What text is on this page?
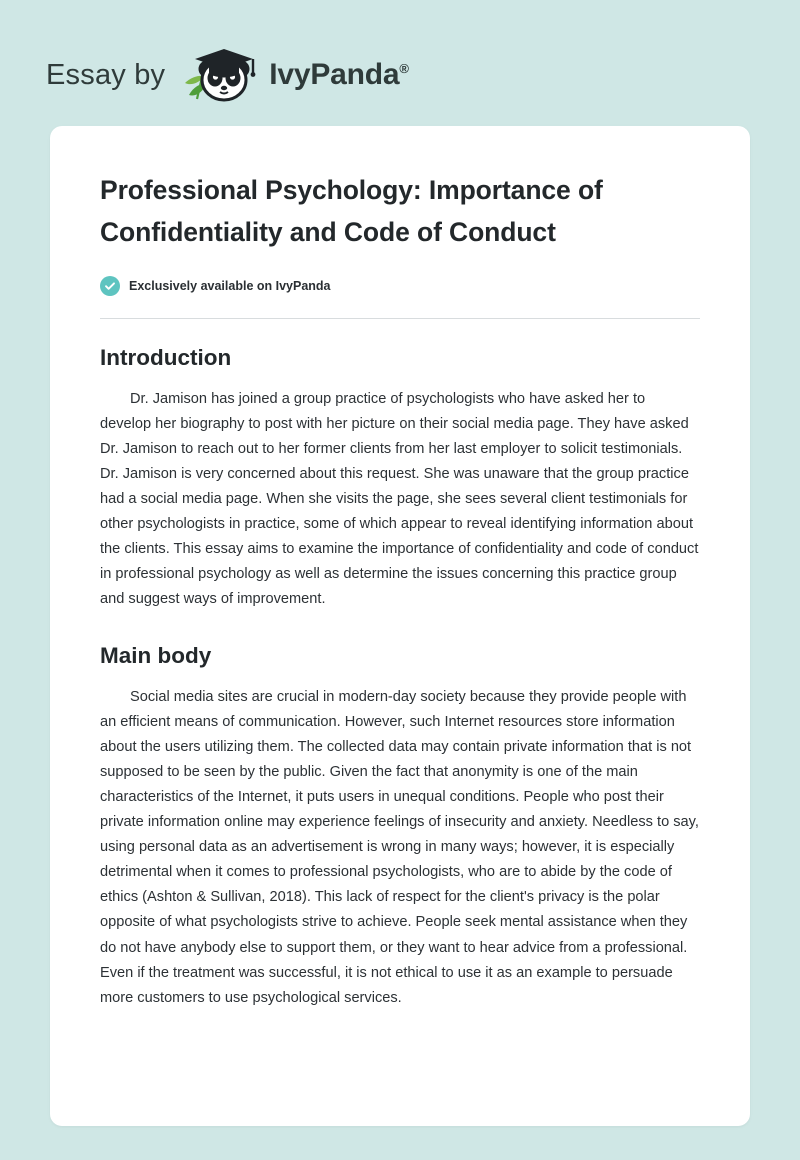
Essay by	IvyPanda®
Professional Psychology: Importance of Confidentiality and Code of Conduct
Exclusively available on IvyPanda
Introduction

Dr. Jamison has joined a group practice of psychologists who have asked her to develop her biography to post with her picture on their social media page. They have asked Dr. Jamison to reach out to her former clients from her last employer to solicit testimonials. Dr. Jamison is very concerned about this request. She was unaware that the group practice had a social media page. When she visits the page, she sees several client testimonials for other psychologists in practice, some of which appear to reveal identifying information about the clients. This essay aims to examine the importance of confidentiality and code of conduct in professional psychology as well as determine the issues concerning this practice group and suggest ways of improvement.

Main body

Social media sites are crucial in modern-day society because they provide people with an efficient means of communication. However, such Internet resources store information about the users utilizing them. The collected data may contain private information that is not supposed to be seen by the public. Given the fact that anonymity is one of the main characteristics of the Internet, it puts users in unequal conditions. People who post their private information online may experience feelings of insecurity and anxiety. Needless to say, using personal data as an advertisement is wrong in many ways; however, it is especially detrimental when it comes to professional psychologists, who are to abide by the code of ethics (Ashton & Sullivan, 2018). This lack of respect for the client's privacy is the polar opposite of what psychologists strive to achieve. People seek mental assistance when they do not have anybody else to support them, or they want to hear advice from a professional. Even if the treatment was successful, it is not ethical to use it as an example to persuade more customers to use psychological services.
